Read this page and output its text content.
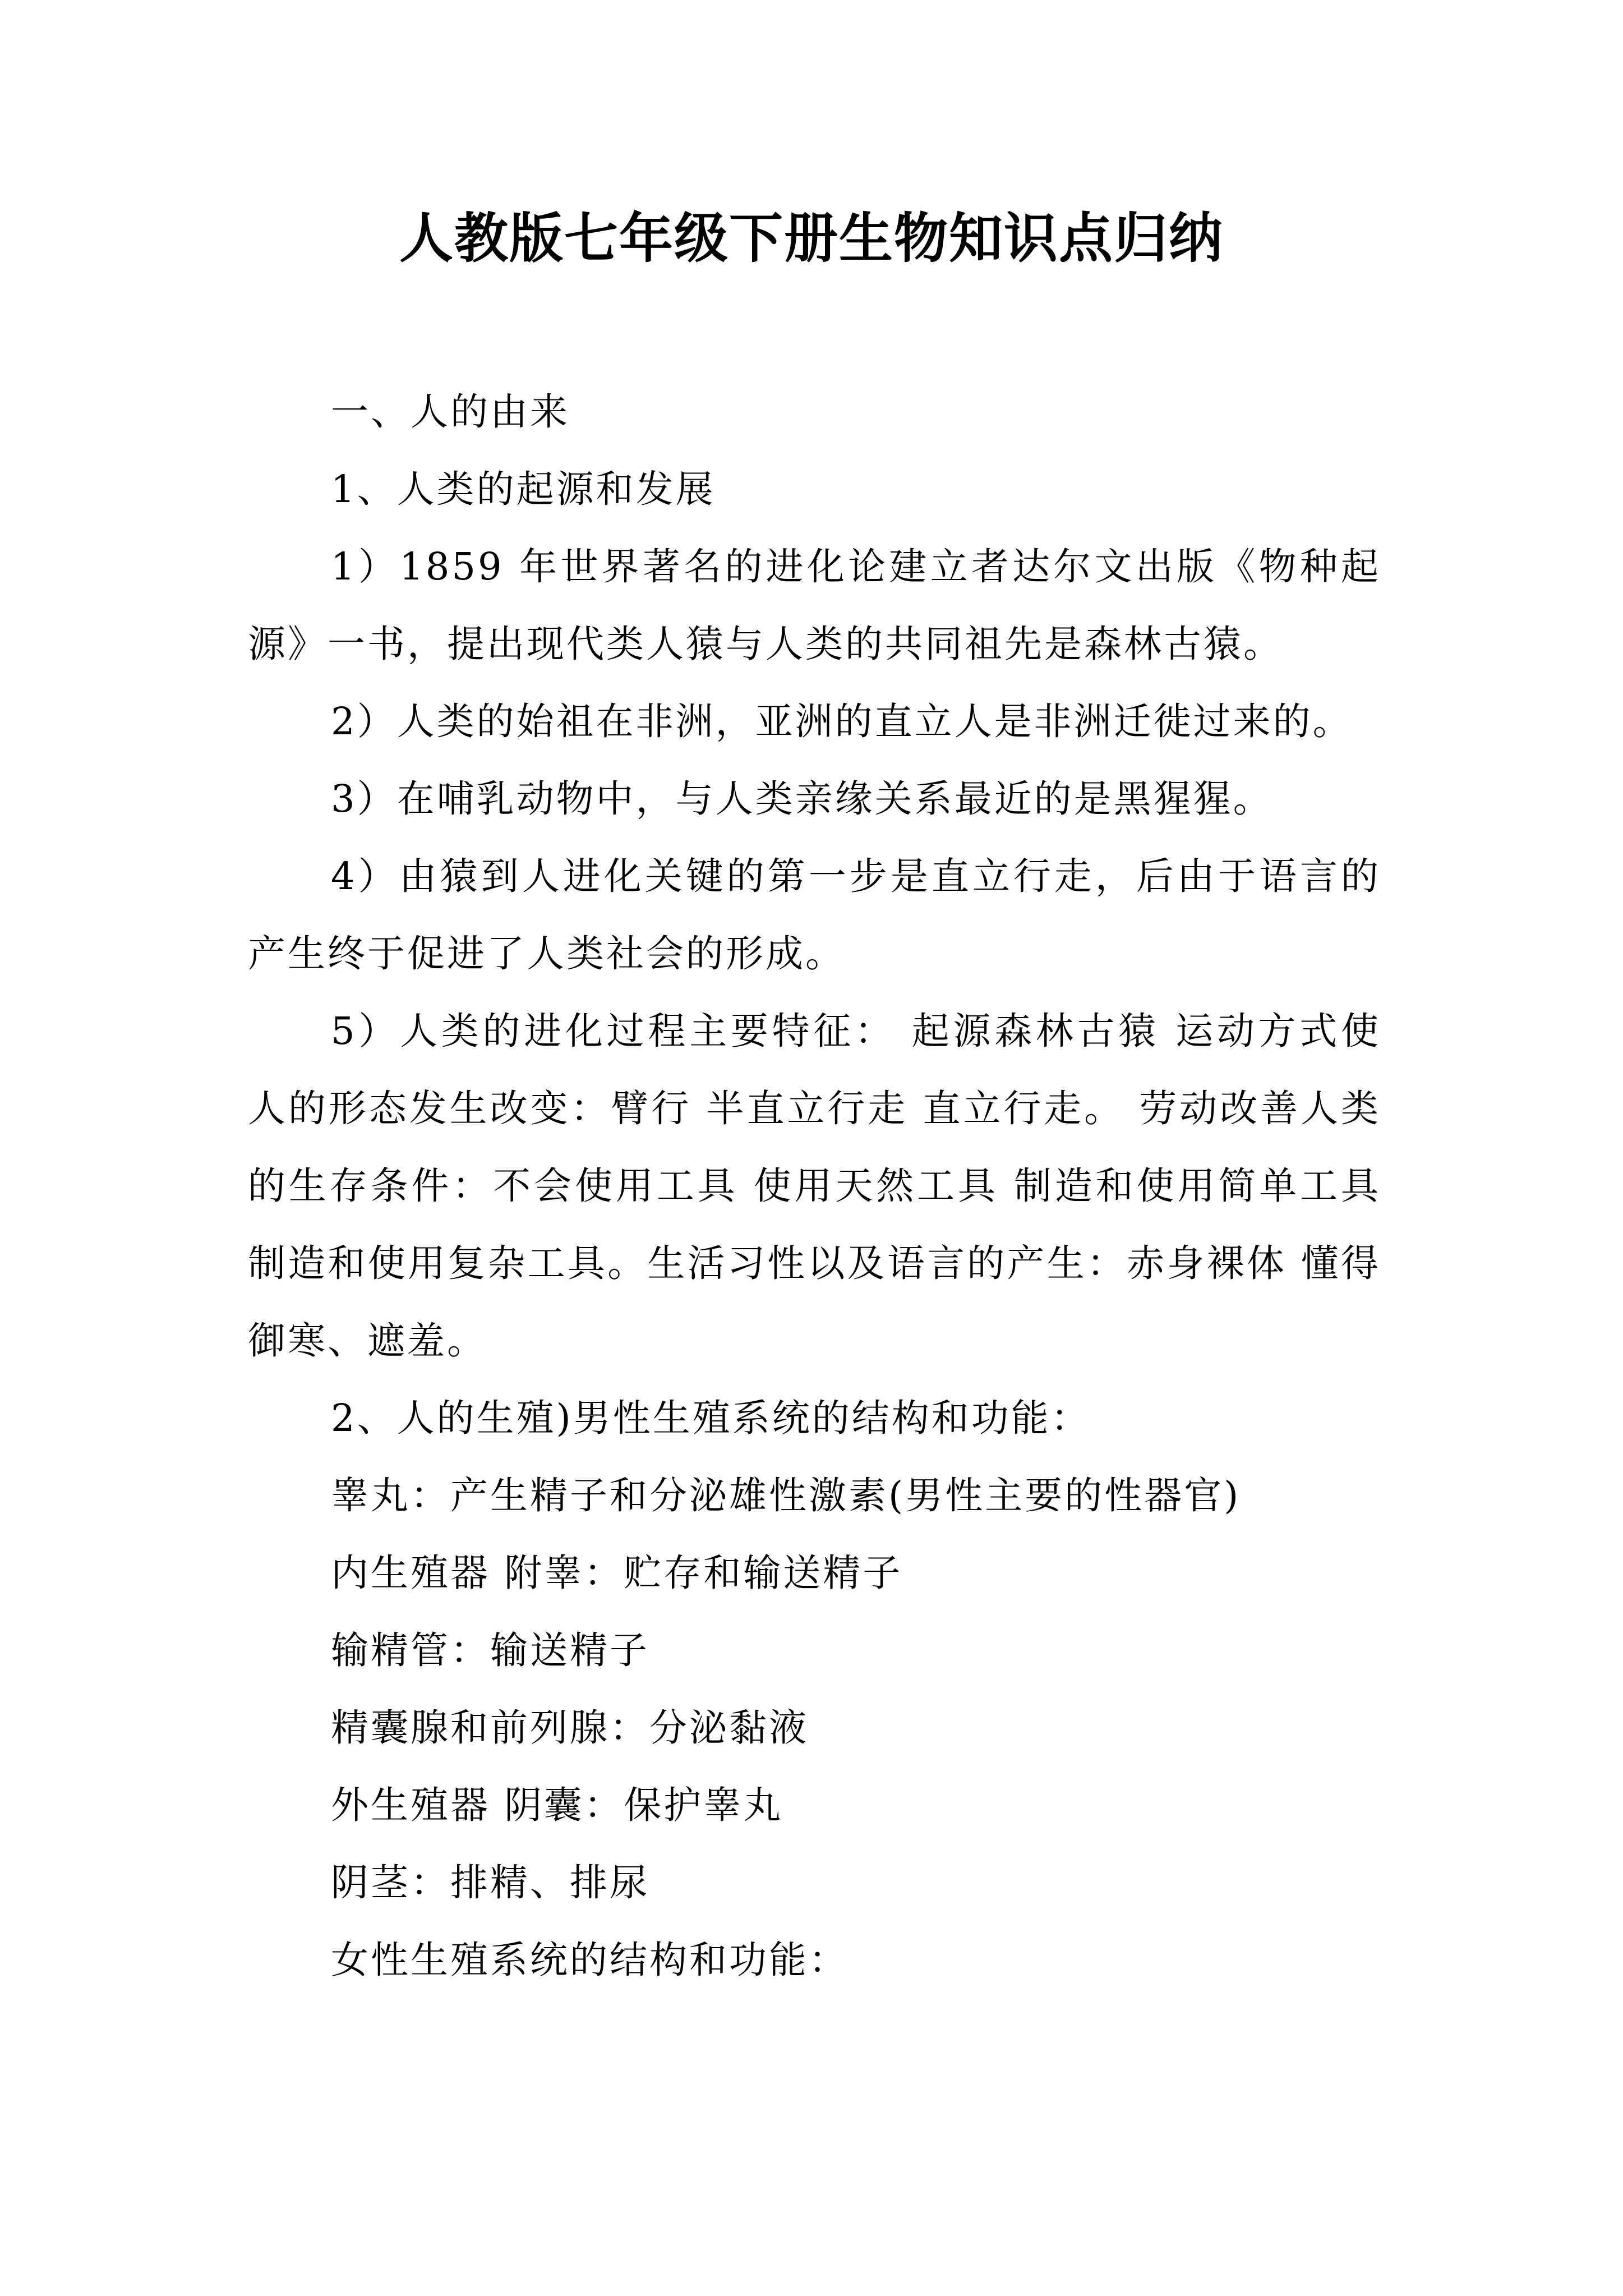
人教版七年级下册生物知识点归纳

一、人的由来

1、人类的起源和发展

1）1859 年世界著名的进化论建立者达尔文出版《物种起源》一书，提出现代类人猿与人类的共同祖先是森林古猿。

2）人类的始祖在非洲，亚洲的直立人是非洲迁徙过来的。

3）在哺乳动物中，与人类亲缘关系最近的是黑猩猩。

4）由猿到人进化关键的第一步是直立行走，后由于语言的产生终于促进了人类社会的形成。

5）人类的进化过程主要特征： 起源森林古猿 运动方式使人的形态发生改变：臂行 半直立行走 直立行走。 劳动改善人类的生存条件：不会使用工具 使用天然工具 制造和使用简单工具 制造和使用复杂工具。生活习性以及语言的产生：赤身裸体 懂得御寒、遮羞。

2、人的生殖)男性生殖系统的结构和功能：

睾丸：产生精子和分泌雄性激素(男性主要的性器官)

内生殖器 附睾：贮存和输送精子

输精管：输送精子

精囊腺和前列腺：分泌黏液

外生殖器 阴囊：保护睾丸

阴茎：排精、排尿

女性生殖系统的结构和功能：
